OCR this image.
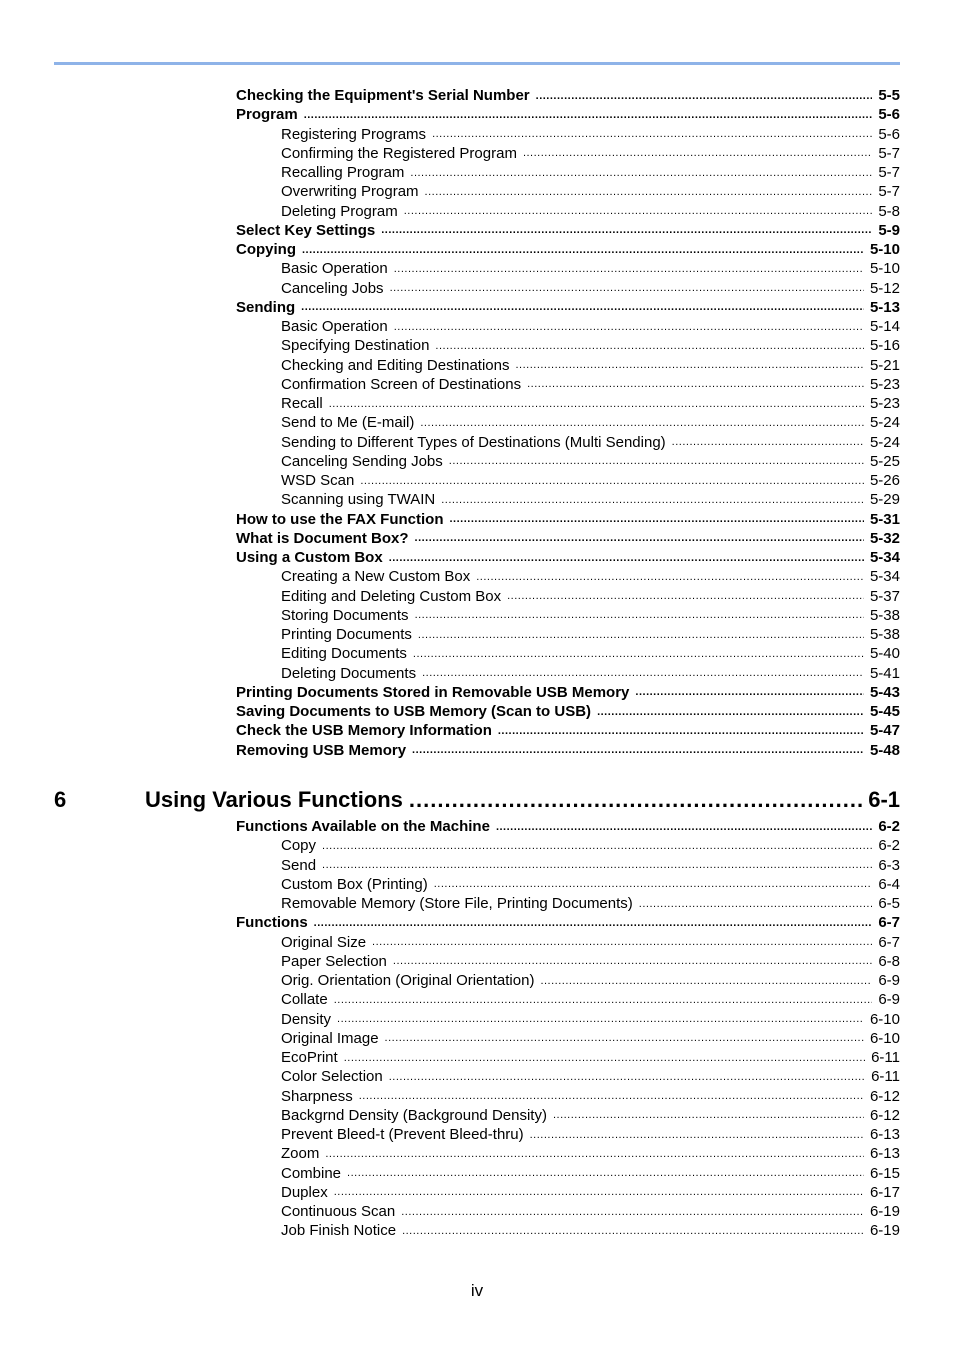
Checking the Equipment's Serial Number .....	5-5
Program .....	5-6
Registering Programs .....	5-6
Confirming the Registered Program .....	5-7
Recalling Program .....	5-7
Overwriting Program .....	5-7
Deleting Program .....	5-8
Select Key Settings .....	5-9
Copying .....	5-10
Basic Operation .....	5-10
Canceling Jobs .....	5-12
Sending .....	5-13
Basic Operation .....	5-14
Specifying Destination .....	5-16
Checking and Editing Destinations .....	5-21
Confirmation Screen of Destinations .....	5-23
Recall .....	5-23
Send to Me (E-mail) .....	5-24
Sending to Different Types of Destinations (Multi Sending) .....	5-24
Canceling Sending Jobs .....	5-25
WSD Scan .....	5-26
Scanning using TWAIN .....	5-29
How to use the FAX Function .....	5-31
What is Document Box? .....	5-32
Using a Custom Box .....	5-34
Creating a New Custom Box .....	5-34
Editing and Deleting Custom Box .....	5-37
Storing Documents .....	5-38
Printing Documents .....	5-38
Editing Documents .....	5-40
Deleting Documents .....	5-41
Printing Documents Stored in Removable USB Memory .....	5-43
Saving Documents to USB Memory (Scan to USB) .....	5-45
Check the USB Memory Information .....	5-47
Removing USB Memory .....	5-48
6	Using Various Functions .....	6-1
Functions Available on the Machine .....	6-2
Copy .....	6-2
Send .....	6-3
Custom Box (Printing) .....	6-4
Removable Memory (Store File, Printing Documents) .....	6-5
Functions .....	6-7
Original Size .....	6-7
Paper Selection .....	6-8
Orig. Orientation (Original Orientation) .....	6-9
Collate .....	6-9
Density .....	6-10
Original Image .....	6-10
EcoPrint .....	6-11
Color Selection .....	6-11
Sharpness .....	6-12
Backgrnd Density (Background Density) .....	6-12
Prevent Bleed-t (Prevent Bleed-thru) .....	6-13
Zoom .....	6-13
Combine .....	6-15
Duplex .....	6-17
Continuous Scan .....	6-19
Job Finish Notice .....	6-19
iv
